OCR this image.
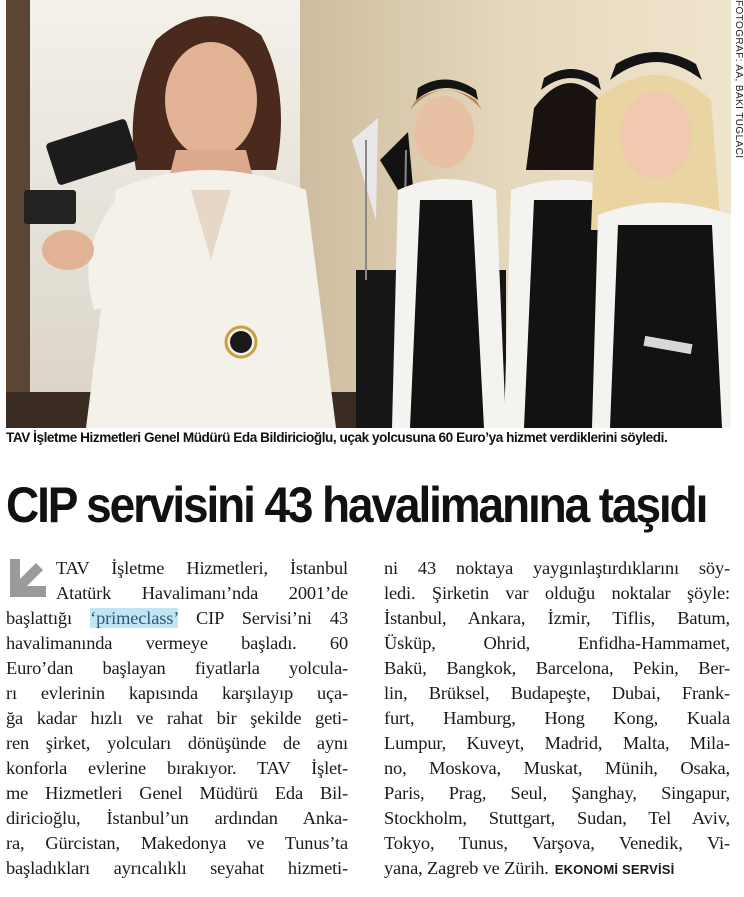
FOTOĞRAF: AA, BAKİ TUĞLACI
TAV İşletme Hizmetleri Genel Müdürü Eda Bildiricioğlu, uçak yolcusuna 60 Euro’ya hizmet verdiklerini söyledi.
CIP servisini 43 havalimanına taşıdı
TAV İşletme Hizmetleri, İstanbul
Atatürk Havalimanı’nda 2001’de
başlattığı ‘primeclass’ CIP Servisi’ni 43
havalimanında vermeye başladı. 60
Euro’dan başlayan fiyatlarla yolcula-
rı evlerinin kapısında karşılayıp uça-
ğa kadar hızlı ve rahat bir şekilde geti-
ren şirket, yolcuları dönüşünde de aynı
konforla evlerine bırakıyor. TAV İşlet-
me Hizmetleri Genel Müdürü Eda Bil-
diricioğlu, İstanbul’un ardından Anka-
ra, Gürcistan, Makedonya ve Tunus’ta
başladıkları ayrıcalıklı seyahat hizmeti-
ni 43 noktaya yaygınlaştırdıklarını söy-
ledi. Şirketin var olduğu noktalar şöyle:
İstanbul, Ankara, İzmir, Tiflis, Batum,
Üsküp, Ohrid, Enfidha-Hammamet,
Bakü, Bangkok, Barcelona, Pekin, Ber-
lin, Brüksel, Budapeşte, Dubai, Frank-
furt, Hamburg, Hong Kong, Kuala
Lumpur, Kuveyt, Madrid, Malta, Mila-
no, Moskova, Muskat, Münih, Osaka,
Paris, Prag, Seul, Şanghay, Singapur,
Stockholm, Stuttgart, Sudan, Tel Aviv,
Tokyo, Tunus, Varşova, Venedik, Vi-
yana, Zagreb ve Zürih. EKONOMİ SERVİSİ
